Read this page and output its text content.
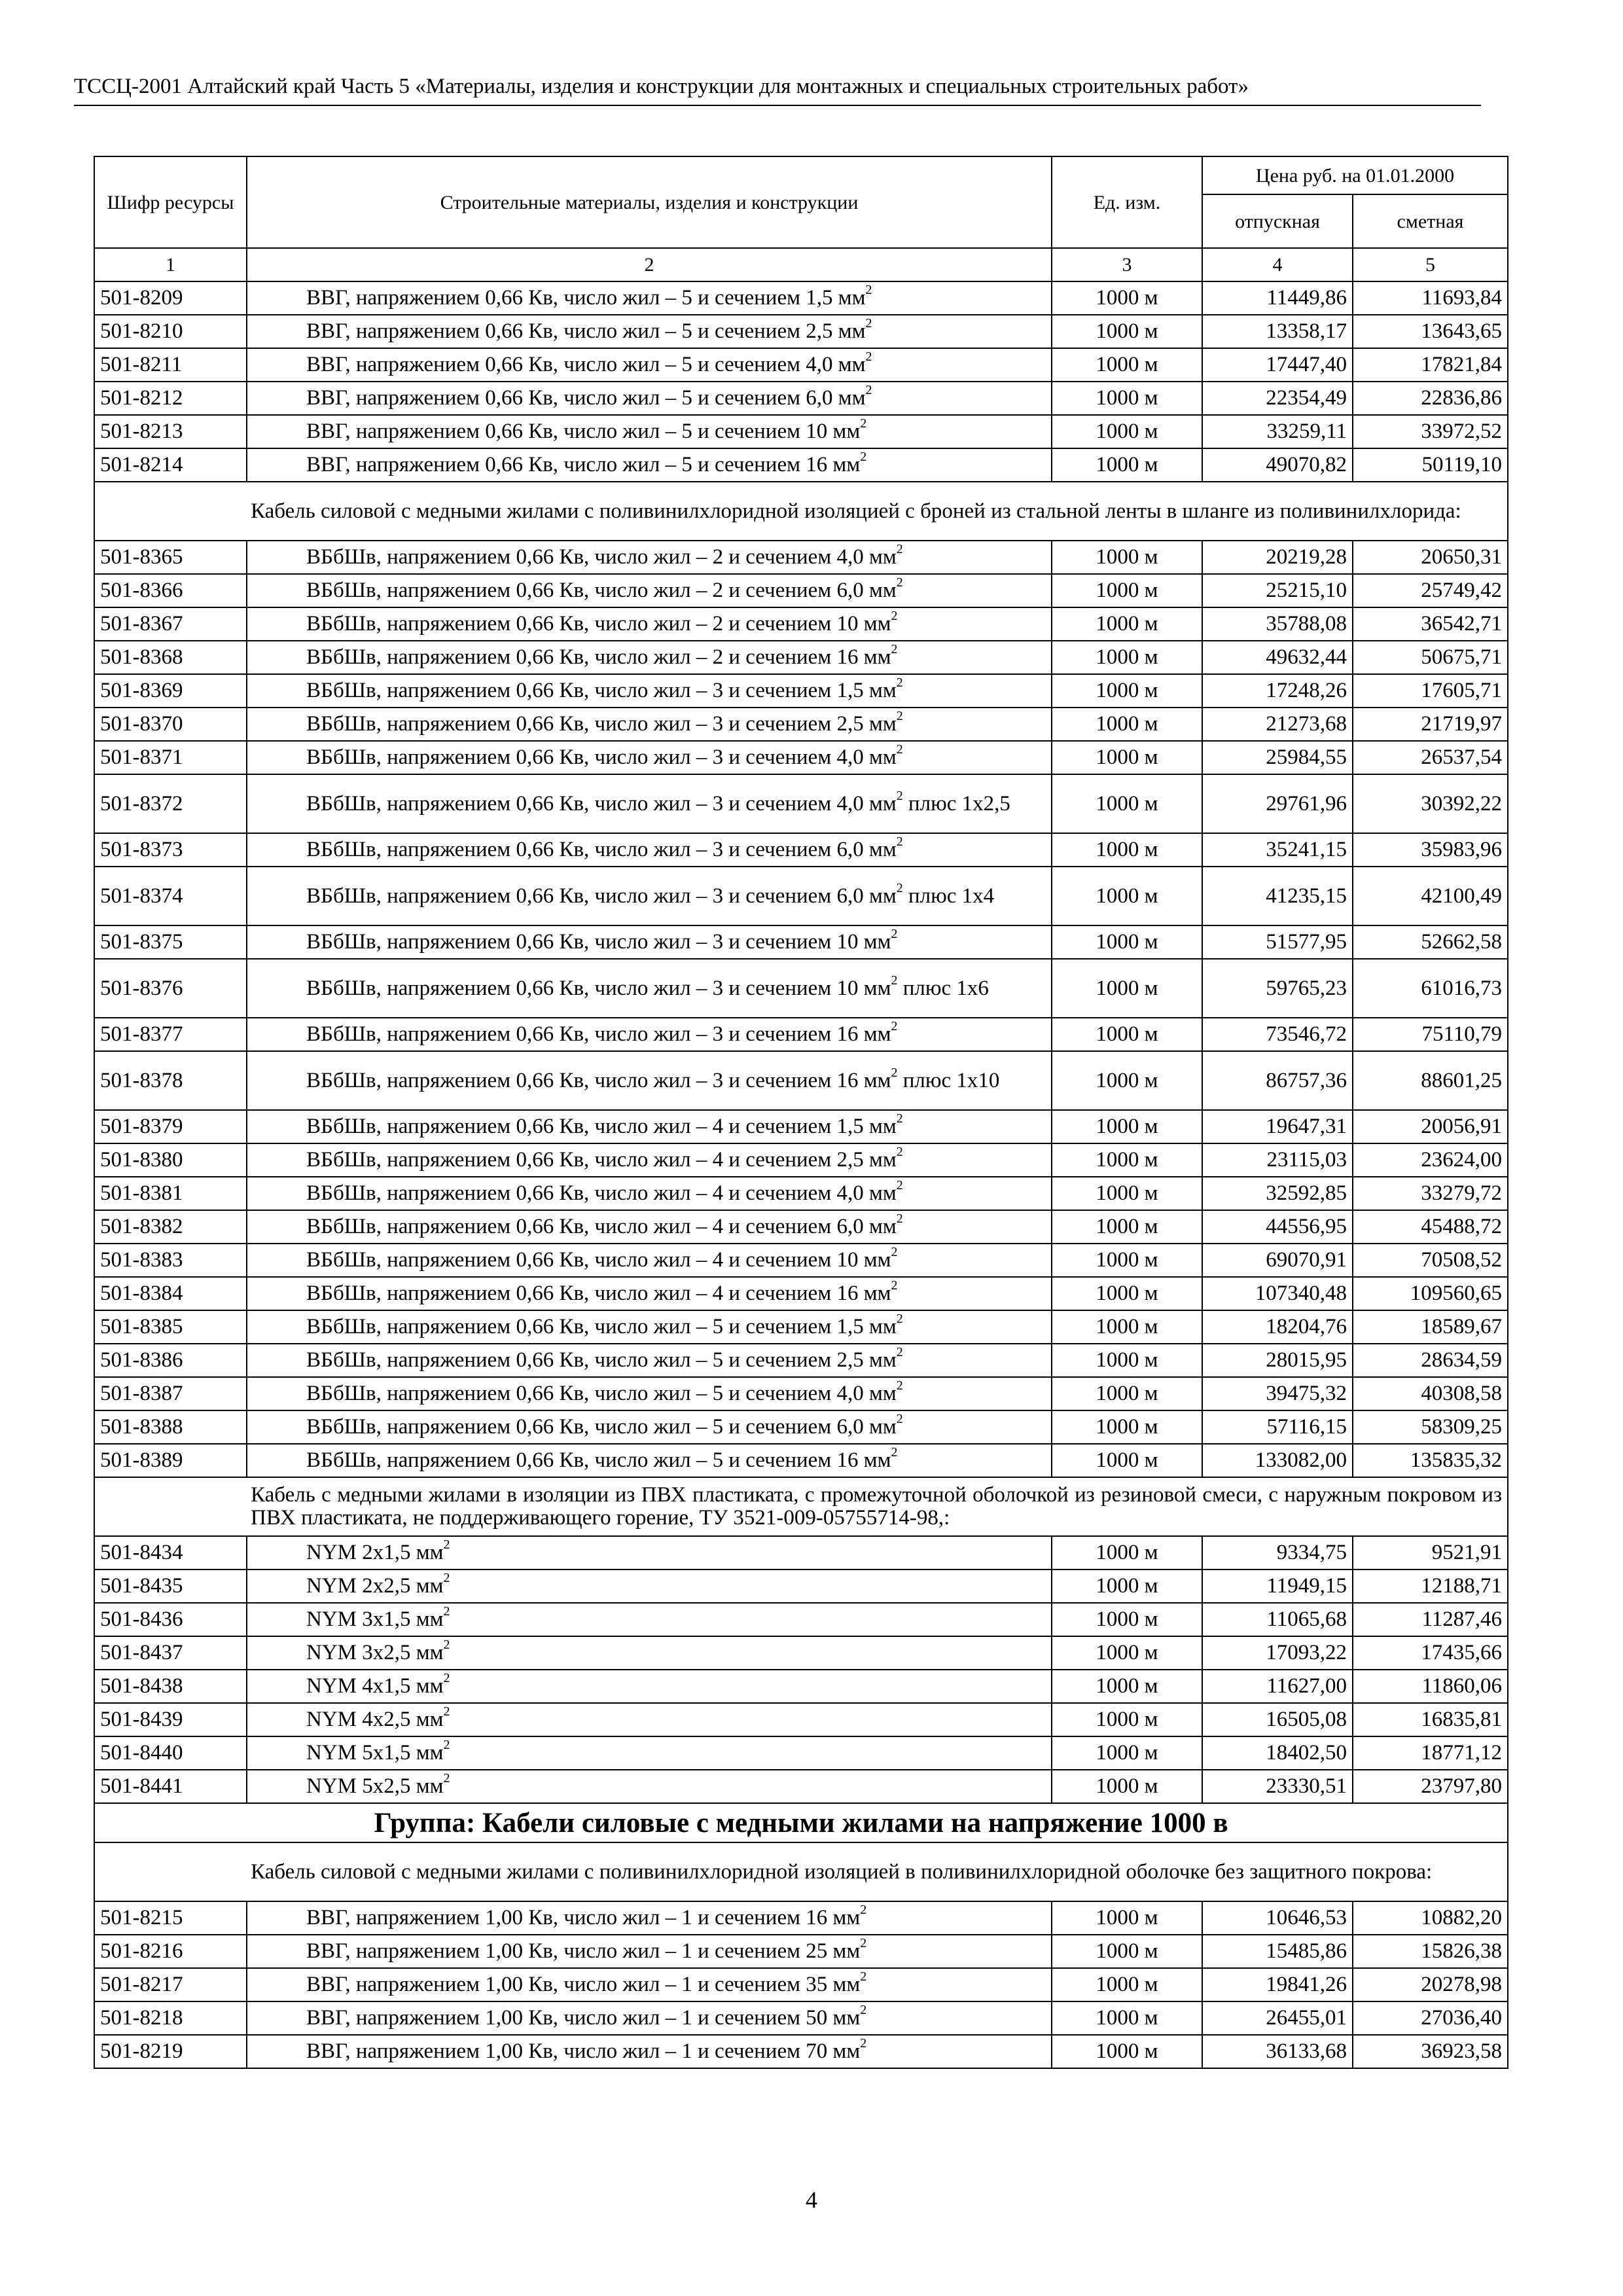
ТССЦ-2001 Алтайский край Часть 5 «Материалы, изделия и конструкции для монтажных и специальных строительных работ»
Шифр ресурсы	Строительные материалы, изделия и конструкции	Ед. изм.	Цена руб. на 01.01.2000	
			отпускная	сметная
1	2	3	4	5
501-8209	ВВГ, напряжением 0,66 Кв, число жил – 5 и сечением 1,5 $мм^2$	1000 м	11449,86	11693,84
501-8210	ВВГ, напряжением 0,66 Кв, число жил – 5 и сечением 2,5 $мм^2$	1000 м	13358,17	13643,65
501-8211	ВВГ, напряжением 0,66 Кв, число жил – 5 и сечением 4,0 $мм^2$	1000 м	17447,40	17821,84
501-8212	ВВГ, напряжением 0,66 Кв, число жил – 5 и сечением 6,0 $мм^2$	1000 м	22354,49	22836,86
501-8213	ВВГ, напряжением 0,66 Кв, число жил – 5 и сечением 10 $мм^2$	1000 м	33259,11	33972,52
501-8214	ВВГ, напряжением 0,66 Кв, число жил – 5 и сечением 16 $мм^2$	1000 м	49070,82	50119,10
Кабель силовой с медными жилами с поливинилхлоридной изоляцией с броней из стальной ленты в шланге из поливинилхлорида:				
501-8365	ВБбШв, напряжением 0,66 Кв, число жил – 2 и сечением 4,0 $мм^2$	1000 м	20219,28	20650,31
501-8366	ВБбШв, напряжением 0,66 Кв, число жил – 2 и сечением 6,0 $мм^2$	1000 м	25215,10	25749,42
501-8367	ВБбШв, напряжением 0,66 Кв, число жил – 2 и сечением 10 $мм^2$	1000 м	35788,08	36542,71
501-8368	ВБбШв, напряжением 0,66 Кв, число жил – 2 и сечением 16 $мм^2$	1000 м	49632,44	50675,71
501-8369	ВБбШв, напряжением 0,66 Кв, число жил – 3 и сечением 1,5 $мм^2$	1000 м	17248,26	17605,71
501-8370	ВБбШв, напряжением 0,66 Кв, число жил – 3 и сечением 2,5 $мм^2$	1000 м	21273,68	21719,97
501-8371	ВБбШв, напряжением 0,66 Кв, число жил – 3 и сечением 4,0 $мм^2$	1000 м	25984,55	26537,54
501-8372	ВБбШв, напряжением 0,66 Кв, число жил – 3 и сечением 4,0 $мм^2$ плюс 1х2,5	1000 м	29761,96	30392,22
501-8373	ВБбШв, напряжением 0,66 Кв, число жил – 3 и сечением 6,0 $мм^2$	1000 м	35241,15	35983,96
501-8374	ВБбШв, напряжением 0,66 Кв, число жил – 3 и сечением 6,0 $мм^2$ плюс 1х4	1000 м	41235,15	42100,49
501-8375	ВБбШв, напряжением 0,66 Кв, число жил – 3 и сечением 10 $мм^2$	1000 м	51577,95	52662,58
501-8376	ВБбШв, напряжением 0,66 Кв, число жил – 3 и сечением 10 $мм^2$ плюс 1х6	1000 м	59765,23	61016,73
501-8377	ВБбШв, напряжением 0,66 Кв, число жил – 3 и сечением 16 $мм^2$	1000 м	73546,72	75110,79
501-8378	ВБбШв, напряжением 0,66 Кв, число жил – 3 и сечением 16 $мм^2$ плюс 1х10	1000 м	86757,36	88601,25
501-8379	ВБбШв, напряжением 0,66 Кв, число жил – 4 и сечением 1,5 $мм^2$	1000 м	19647,31	20056,91
501-8380	ВБбШв, напряжением 0,66 Кв, число жил – 4 и сечением 2,5 $мм^2$	1000 м	23115,03	23624,00
501-8381	ВБбШв, напряжением 0,66 Кв, число жил – 4 и сечением 4,0 $мм^2$	1000 м	32592,85	33279,72
501-8382	ВБбШв, напряжением 0,66 Кв, число жил – 4 и сечением 6,0 $мм^2$	1000 м	44556,95	45488,72
501-8383	ВБбШв, напряжением 0,66 Кв, число жил – 4 и сечением 10 $мм^2$	1000 м	69070,91	70508,52
501-8384	ВБбШв, напряжением 0,66 Кв, число жил – 4 и сечением 16 $мм^2$	1000 м	107340,48	109560,65
501-8385	ВБбШв, напряжением 0,66 Кв, число жил – 5 и сечением 1,5 $мм^2$	1000 м	18204,76	18589,67
501-8386	ВБбШв, напряжением 0,66 Кв, число жил – 5 и сечением 2,5 $мм^2$	1000 м	28015,95	28634,59
501-8387	ВБбШв, напряжением 0,66 Кв, число жил – 5 и сечением 4,0 $мм^2$	1000 м	39475,32	40308,58
501-8388	ВБбШв, напряжением 0,66 Кв, число жил – 5 и сечением 6,0 $мм^2$	1000 м	57116,15	58309,25
501-8389	ВБбШв, напряжением 0,66 Кв, число жил – 5 и сечением 16 $мм^2$	1000 м	133082,00	135835,32
Кабель с медными жилами в изоляции из ПВХ пластиката, с промежуточной оболочкой из резиновой смеси, с наружным покровом из ПВХ пластиката, не поддерживающего горение, ТУ 3521-009-05755714-98,:				
501-8434	NYM 2х1,5 $мм^2$	1000 м	9334,75	9521,91
501-8435	NYM 2х2,5 $мм^2$	1000 м	11949,15	12188,71
501-8436	NYM 3х1,5 $мм^2$	1000 м	11065,68	11287,46
501-8437	NYM 3х2,5 $мм^2$	1000 м	17093,22	17435,66
501-8438	NYM 4х1,5 $мм^2$	1000 м	11627,00	11860,06
501-8439	NYM 4х2,5 $мм^2$	1000 м	16505,08	16835,81
501-8440	NYM 5х1,5 $мм^2$	1000 м	18402,50	18771,12
501-8441	NYM 5х2,5 $мм^2$	1000 м	23330,51	23797,80
Группа: Кабели силовые с медными жилами на напряжение 1000 в				
Кабель силовой с медными жилами с поливинилхлоридной изоляцией в поливинилхлоридной оболочке без защитного покрова:				
501-8215	ВВГ, напряжением 1,00 Кв, число жил – 1 и сечением 16 $мм^2$	1000 м	10646,53	10882,20
501-8216	ВВГ, напряжением 1,00 Кв, число жил – 1 и сечением 25 $мм^2$	1000 м	15485,86	15826,38
501-8217	ВВГ, напряжением 1,00 Кв, число жил – 1 и сечением 35 $мм^2$	1000 м	19841,26	20278,98
501-8218	ВВГ, напряжением 1,00 Кв, число жил – 1 и сечением 50 $мм^2$	1000 м	26455,01	27036,40
501-8219	ВВГ, напряжением 1,00 Кв, число жил – 1 и сечением 70 $мм^2$	1000 м	36133,68	36923,58
4
